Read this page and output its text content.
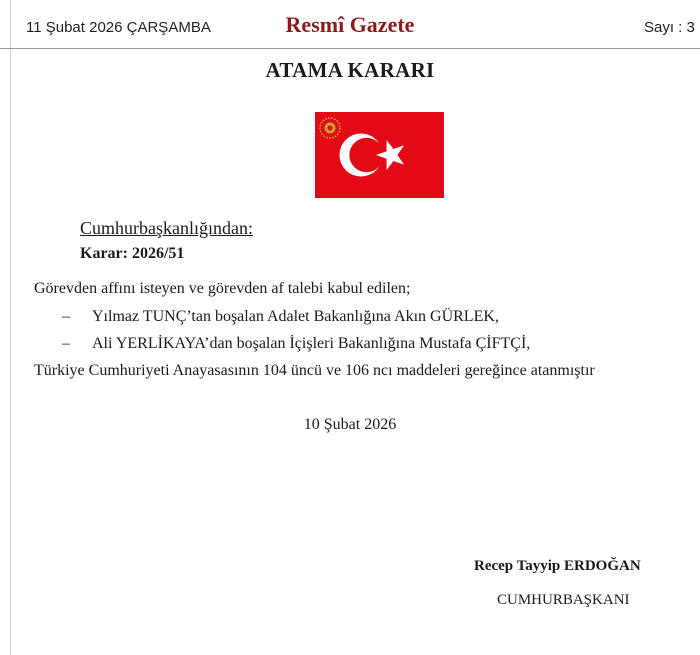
11 Şubat 2026 ÇARŞAMBA	Resmî Gazete	Sayı : 3
ATAMA KARARI
Cumhurbaşkanlığından:
Karar: 2026/51
Görevden affını isteyen ve görevden af talebi kabul edilen;
– Yılmaz TUNÇ’tan boşalan Adalet Bakanlığına Akın GÜRLEK,
– Ali YERLİKAYA’dan boşalan İçişleri Bakanlığına Mustafa ÇİFTÇİ,
Türkiye Cumhuriyeti Anayasasının 104 üncü ve 106 ncı maddeleri gereğince atanmıştır
10 Şubat 2026
Recep Tayyip ERDOĞAN
CUMHURBAŞKANI
